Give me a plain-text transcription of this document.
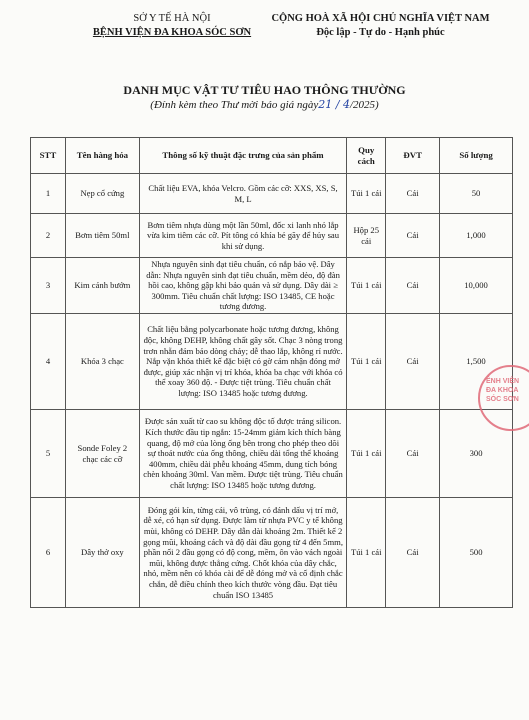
SỞ Y TẾ HÀ NỘI
BỆNH VIỆN ĐA KHOA SÓC SƠN
CỘNG HOÀ XÃ HỘI CHỦ NGHĨA VIỆT NAM
Độc lập - Tự do - Hạnh phúc
DANH MỤC VẬT TƯ TIÊU HAO THÔNG THƯỜNG
(Đính kèm theo Thư mời báo giá ngày21 / 4/2025)
STT	Tên hàng hóa	Thông số kỹ thuật đặc trưng của sản phẩm	Quy cách	ĐVT	Số lượng
1	Nẹp cổ cứng	Chất liệu EVA, khóa Velcro. Gồm các cỡ: XXS, XS, S, M, L	Túi 1 cái	Cái	50
2	Bơm tiêm 50ml	Bơm tiêm nhựa dùng một lần 50ml, đốc xi lanh nhỏ lắp vừa kim tiêm các cỡ. Pít tông có khía bẻ gãy để hủy sau khi sử dụng.	Hộp 25 cái	Cái	1,000
3	Kim cánh bướm	Nhựa nguyên sinh đạt tiêu chuẩn, có nắp bảo vệ. Dây dẫn: Nhựa nguyên sinh đạt tiêu chuẩn, mềm dẻo, độ đàn hồi cao, không gập khi bảo quản và sử dụng. Dây dài ≥ 300mm. Tiêu chuẩn chất lượng: ISO 13485, CE hoặc tương đương.	Túi 1 cái	Cái	10,000
4	Khóa 3 chạc	Chất liệu bằng polycarbonate hoặc tương đương, không độc, không DEHP, không chất gây sốt. Chạc 3 nòng trong trơn nhẵn đảm bảo dòng chảy; dễ thao lắp, không rỉ nước. Nắp vặn khóa thiết kế đặc biệt có gờ cảm nhận đóng mở được, giúp xác nhận vị trí khóa, khóa ba chạc với khóa có thể xoay 360 độ. - Được tiệt trùng. Tiêu chuẩn chất lượng: ISO 13485 hoặc tương đương.	Túi 1 cái	Cái	1,500
5	Sonde Foley 2 chạc các cỡ	Được sản xuất từ cao su không độc tố được tráng silicon. Kích thước đầu tip ngắn: 15-24mm giảm kích thích bàng quang, độ mở của lòng ống bên trong cho phép theo dõi sự thoát nước của ống thông, chiều dài tổng thể khoảng 400mm, chiều dài phễu khoảng 45mm, dung tích bóng chèn khoảng 30ml. Van mềm. Được tiệt trùng. Tiêu chuẩn chất lượng: ISO 13485 hoặc tương đương.	Túi 1 cái	Cái	300
6	Dây thở oxy	Đóng gói kín, từng cái, vô trùng, có đánh dấu vị trí mở, dễ xé, có hạn sử dụng. Được làm từ nhựa PVC y tế không mùi, không có DEHP. Dây dẫn dài khoảng 2m. Thiết kế 2 gọng mũi, khoảng cách và độ dài đầu gọng từ 4 đến 5mm, phần nối 2 đầu gọng có độ cong, mềm, ôn vào vách ngoài mũi, không được thẳng cứng. Chốt khóa của dây chắc, nhỏ, mềm nên có khóa cài để dễ đóng mở và cố định chắc chắn, dễ điều chỉnh theo kích thước vòng đầu. Đạt tiêu chuẩn ISO 13485	Túi 1 cái	Cái	500
ÊNH VIỆN
ĐA KHOA
SÓC SƠN
